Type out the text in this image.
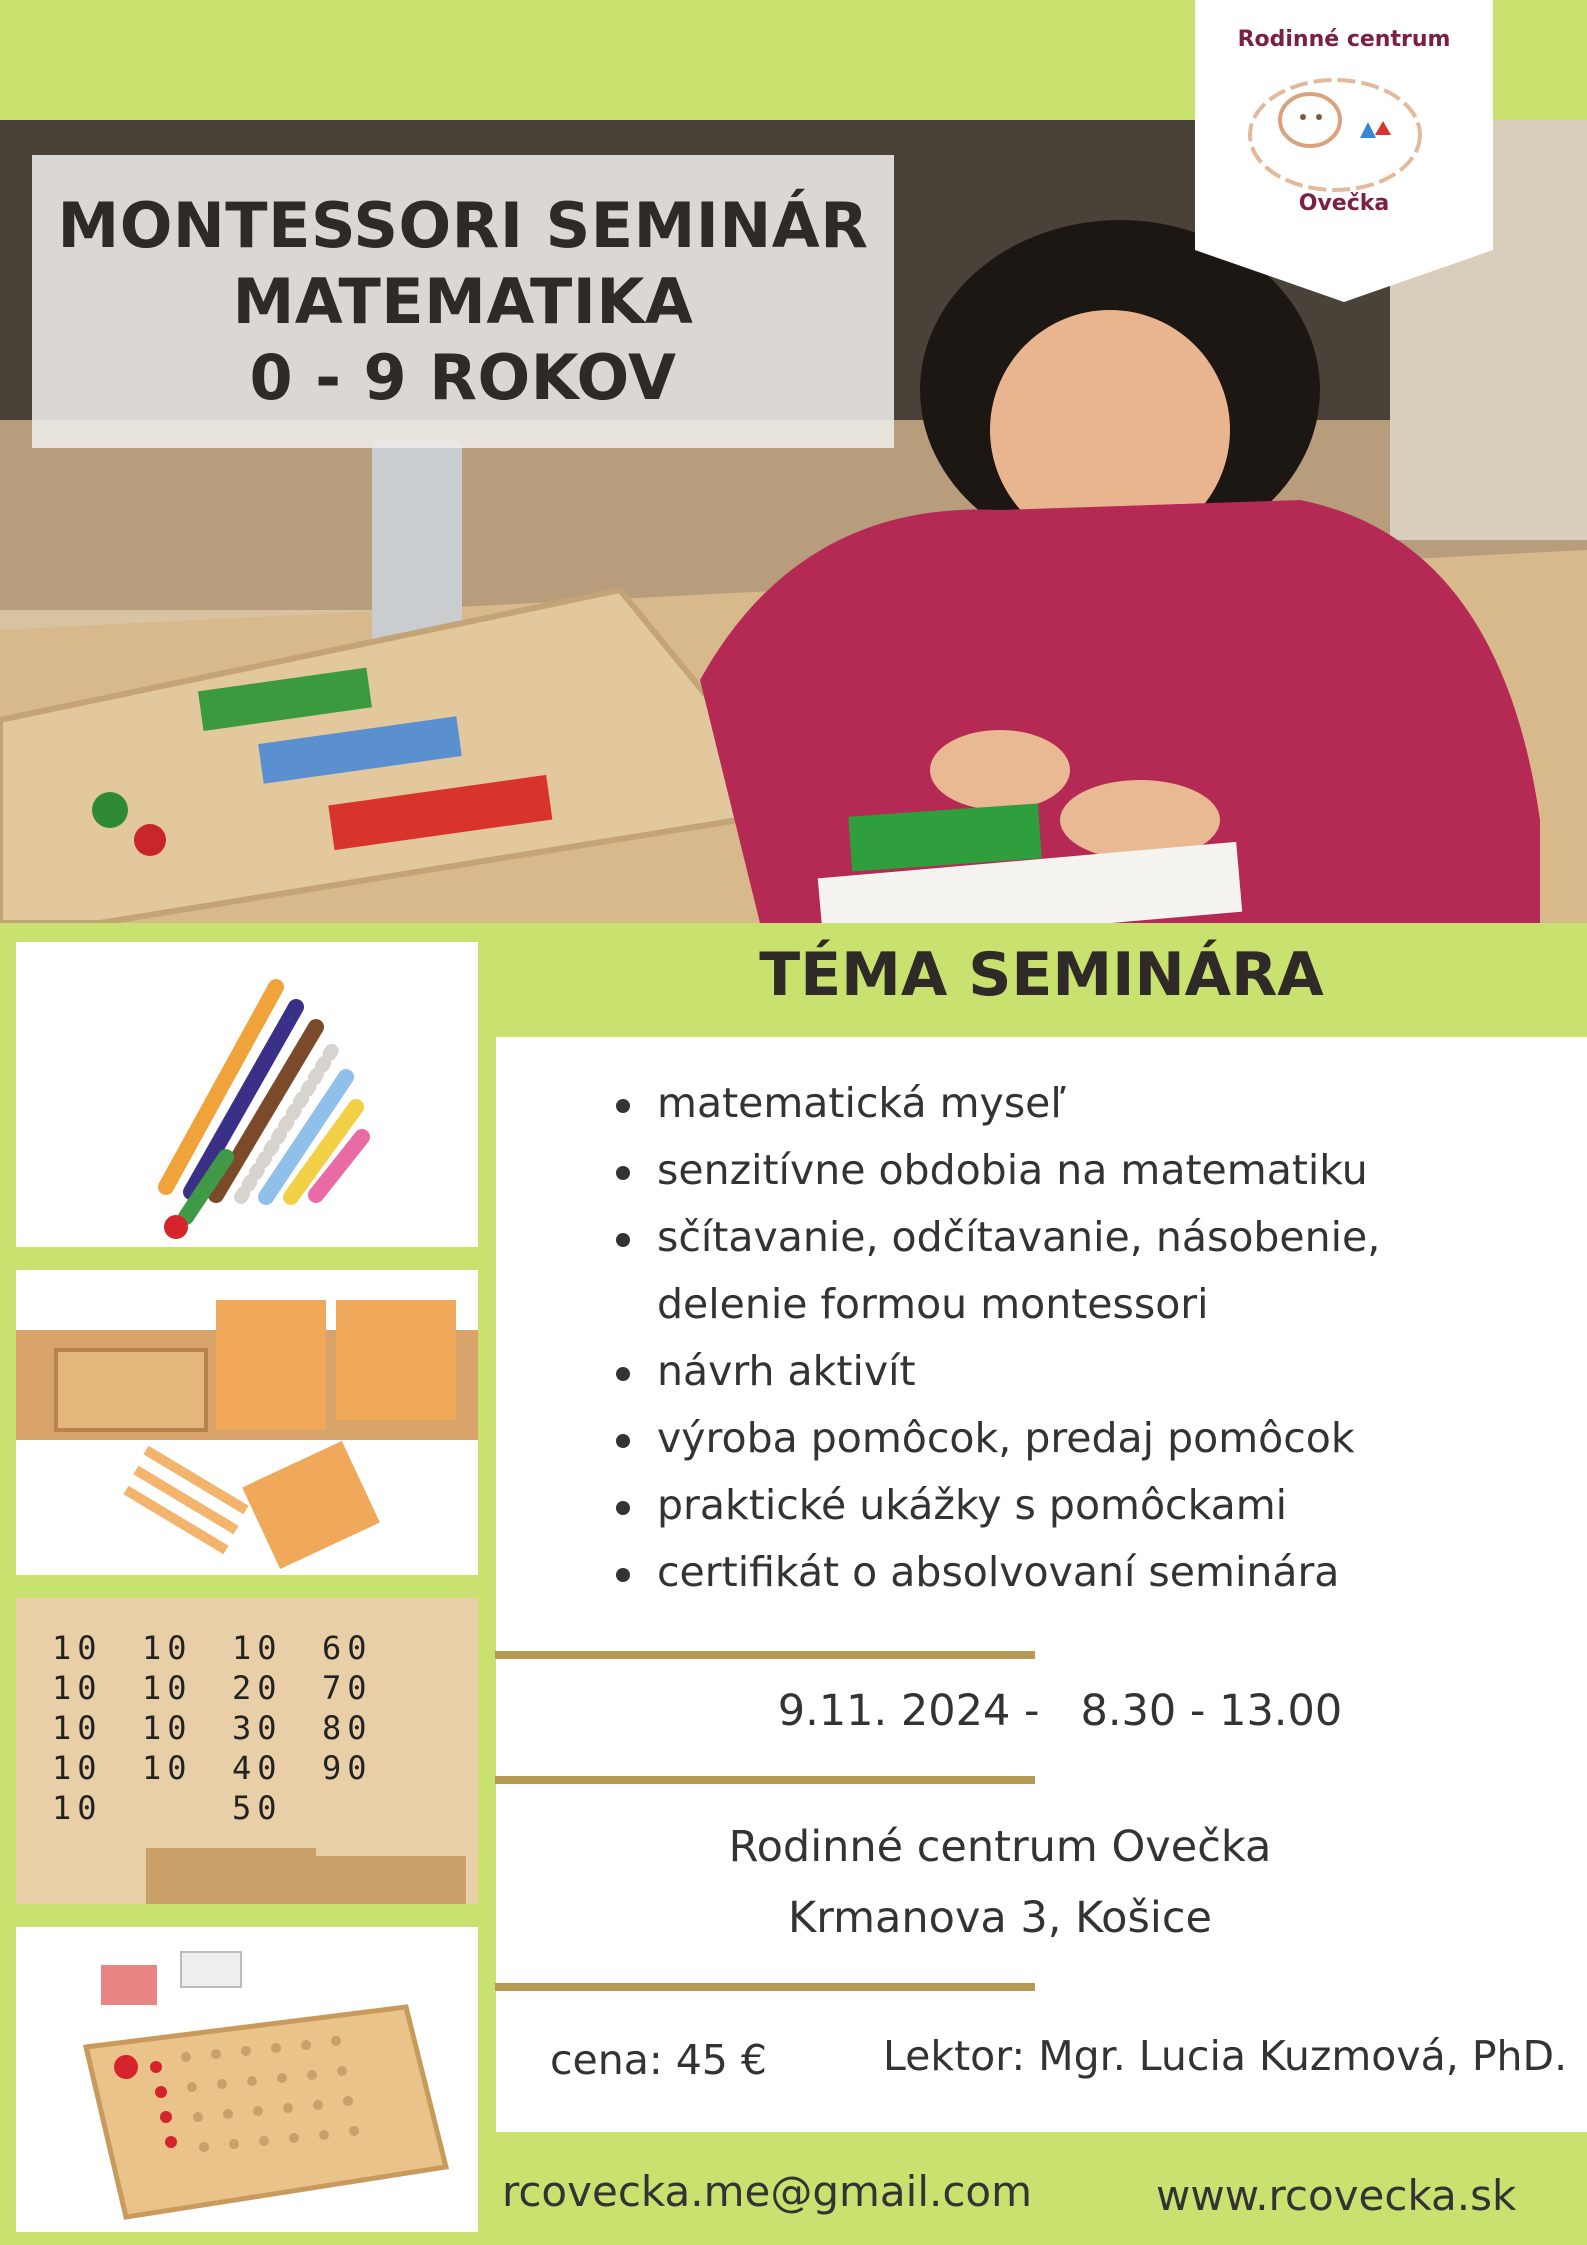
MONTESSORI SEMINÁR
MATEMATIKA
0 - 9 ROKOV
Rodinné centrum
Ovečka
10
10
10
10
10
10
10
10
10
10
20
30
40
50
60
70
80
90
TÉMA SEMINÁRA
matematická myseľ
senzitívne obdobia na matematiku
sčítavanie, odčítavanie, násobenie, delenie formou montessori
návrh aktivít
výroba pomôcok, predaj pomôcok
praktické ukážky s pomôckami
certifikát o absolvovaní seminára
9.11. 2024 -   8.30 - 13.00
Rodinné centrum Ovečka
Krmanova 3, Košice
cena: 45 €	Lektor: Mgr. Lucia Kuzmová, PhD.
rcovecka.me@gmail.com	www.rcovecka.sk
